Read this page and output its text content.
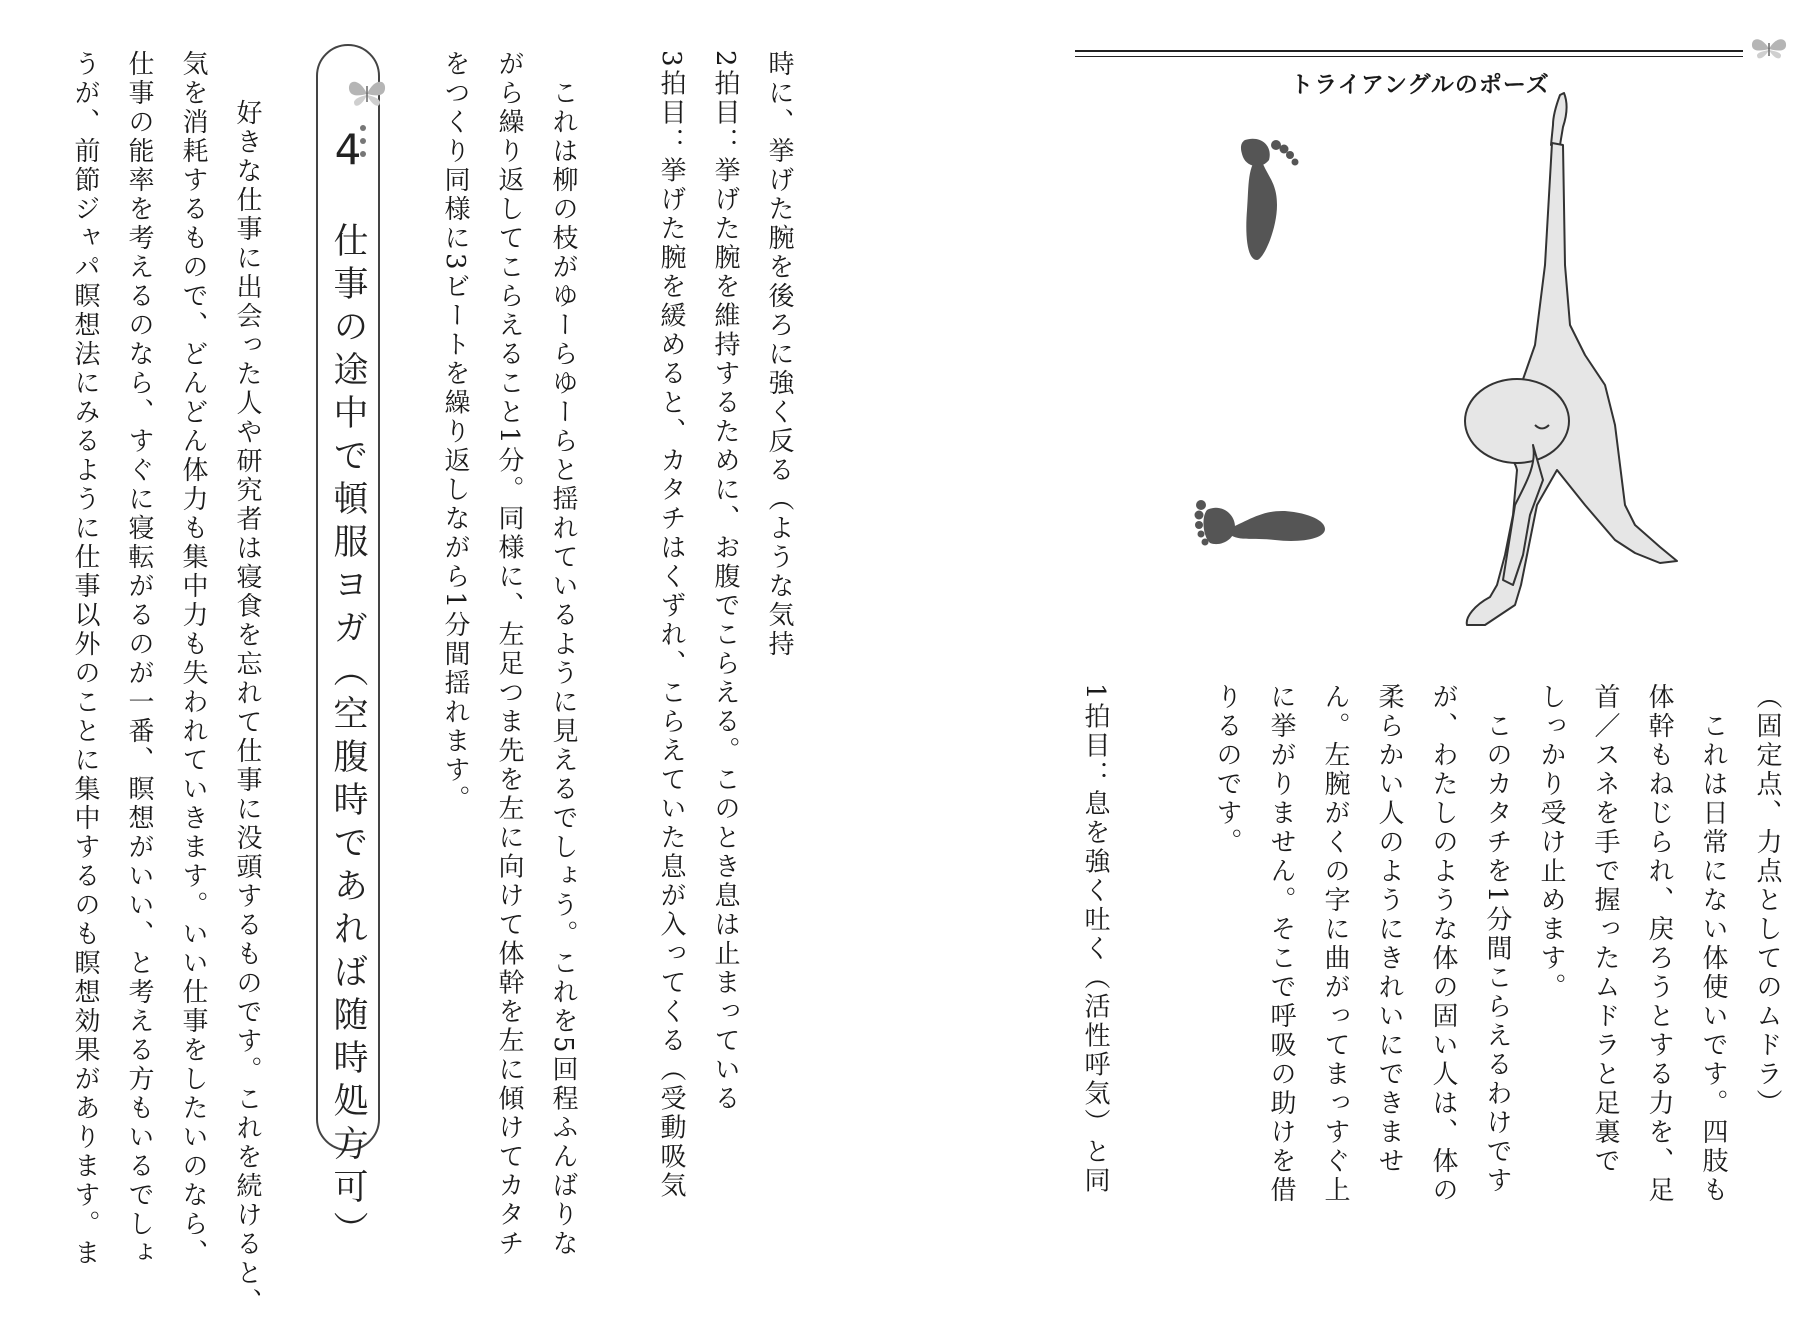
トライアングルのポーズ
（固定点、力点としてのムドラ）
　これは日常にない体使いです。四肢も
体幹もねじられ、戻ろうとする力を、足
首／スネを手で握ったムドラと足裏で
しっかり受け止めます。
　このカタチを1分間こらえるわけです
が、わたしのような体の固い人は、体の
柔らかい人のようにきれいにできませ
ん。左腕がくの字に曲がってまっすぐ上
に挙がりません。そこで呼吸の助けを借
りるのです。
1拍目：息を強く吐く（活性呼気）と同
時に、挙げた腕を後ろに強く反る（ような気持
2拍目：挙げた腕を維持するために、お腹でこらえる。このとき息は止まっている
3拍目：挙げた腕を緩めると、カタチはくずれ、こらえていた息が入ってくる（受動吸気
　これは柳の枝がゆーらゆーらと揺れているように見えるでしょう。これを5回程ふんばりな
がら繰り返してこらえること1分。同様に、左足つま先を左に向けて体幹を左に傾けてカタチ
をつくり同様に3ビートを繰り返しながら1分間揺れます。
4
仕事の途中で頓服ヨガ（空腹時であれば随時処方可）
　好きな仕事に出会った人や研究者は寝食を忘れて仕事に没頭するものです。これを続けると、
気を消耗するもので、どんどん体力も集中力も失われていきます。いい仕事をしたいのなら、
仕事の能率を考えるのなら、すぐに寝転がるのが一番、瞑想がいい、と考える方もいるでしょ
うが、前節ジャパ瞑想法にみるように仕事以外のことに集中するのも瞑想効果があります。ま
